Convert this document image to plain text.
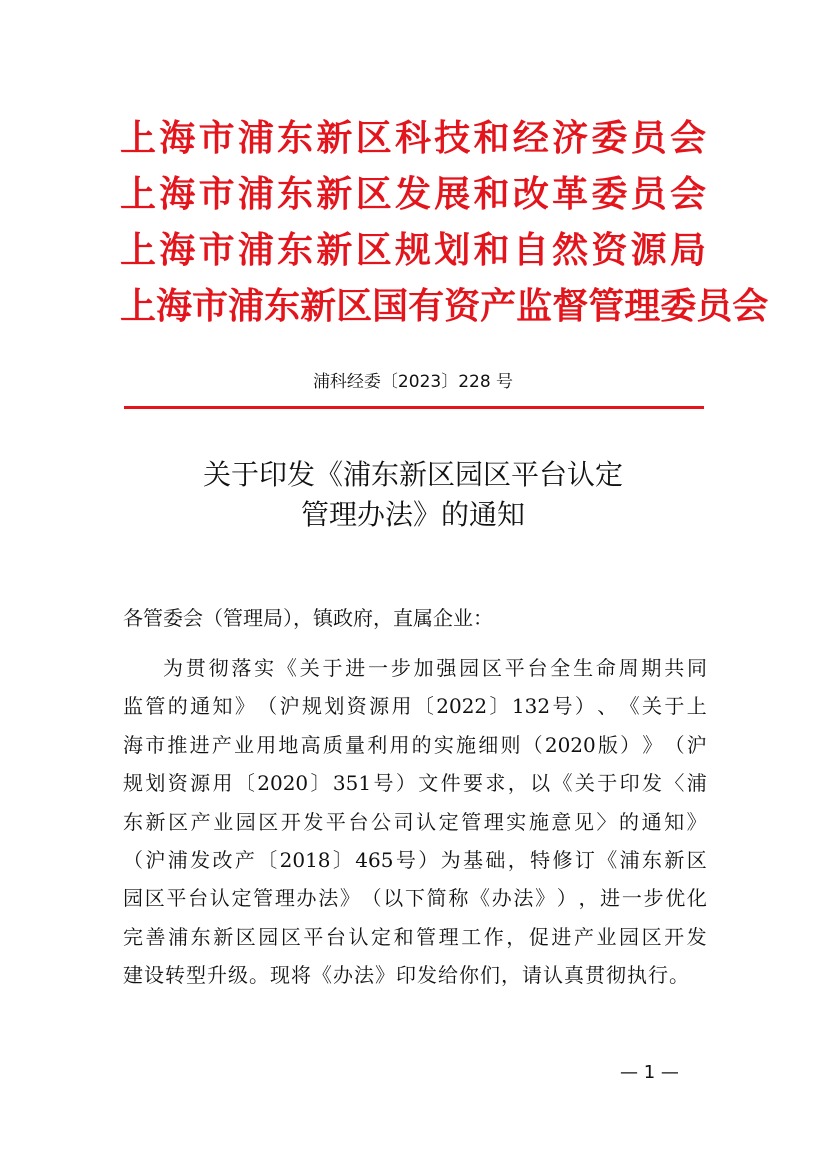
上 海 市 浦 东 新 区 科 技 和 经 济 委 员 会
上 海 市 浦 东 新 区 发 展 和 改 革 委 员 会
上 海 市 浦 东 新 区 规 划 和 自 然 资 源 局
上 海 市 浦 东 新 区 国 有 资 产 监 督 管 理 委 员 会
浦科经委〔2023〕228 号
关于印发《浦东新区园区平台认定
管理办法》的通知
各管委会（管理局），镇政府，直属企业：
为 贯 彻 落 实 《 关 于 进 一 步 加 强 园 区 平 台 全 生 命 周 期 共 同
监 管 的 通 知 》 （ 沪 规 划 资 源 用 〔 2022 〕 132 号 ） 、 《 关 于 上
海 市 推 进 产 业 用 地 高 质 量 利 用 的 实 施 细 则 （ 2020 版 ） 》 （ 沪
规 划 资 源 用 〔 2020 〕 351 号 ） 文 件 要 求 ， 以 《 关 于 印 发 〈 浦
东 新 区 产 业 园 区 开 发 平 台 公 司 认 定 管 理 实 施 意 见 〉 的 通 知 》
（ 沪 浦 发 改 产 〔 2018 〕 465 号 ） 为 基 础 ， 特 修 订 《 浦 东 新 区
园 区 平 台 认 定 管 理 办 法 》 （ 以 下 简 称 《 办 法 》 ） ， 进 一 步 优 化
完 善 浦 东 新 区 园 区 平 台 认 定 和 管 理 工 作 ， 促 进 产 业 园 区 开 发
建 设 转 型 升 级 。 现 将 《 办 法 》 印 发 给 你 们 ， 请 认 真 贯 彻 执 行 。
— 1 —
